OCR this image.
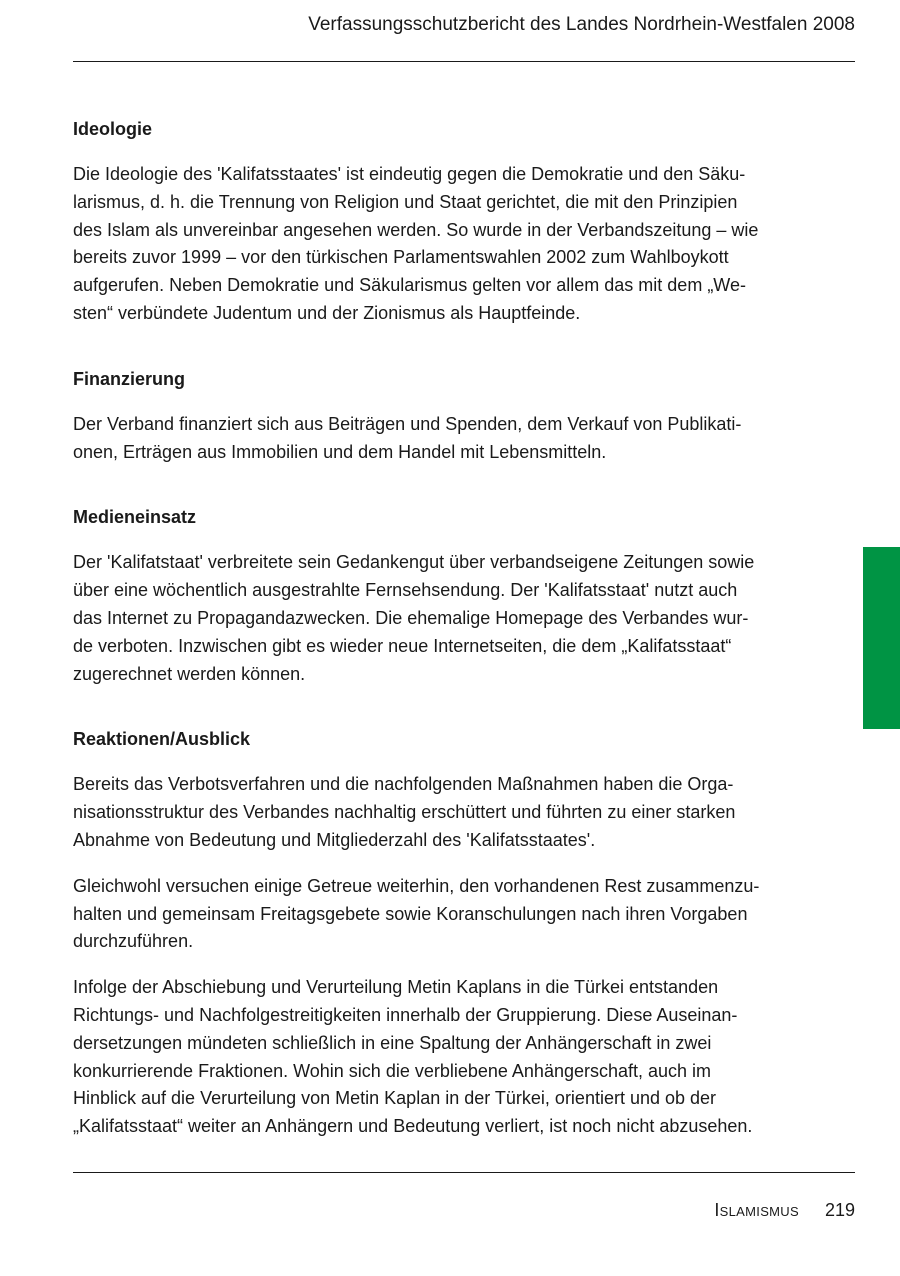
Verfassungsschutzbericht des Landes Nordrhein-Westfalen 2008
Ideologie

Die Ideologie des 'Kalifatsstaates' ist eindeutig gegen die Demokratie und den Säku-
larismus, d. h. die Trennung von Religion und Staat gerichtet, die mit den Prinzipien
des Islam als unvereinbar angesehen werden. So wurde in der Verbandszeitung – wie
bereits zuvor 1999 – vor den türkischen Parlamentswahlen 2002 zum Wahlboykott
aufgerufen. Neben Demokratie und Säkularismus gelten vor allem das mit dem „We-
sten“ verbündete Judentum und der Zionismus als Hauptfeinde.

Finanzierung

Der Verband finanziert sich aus Beiträgen und Spenden, dem Verkauf von Publikati-
onen, Erträgen aus Immobilien und dem Handel mit Lebensmitteln.

Medieneinsatz

Der 'Kalifatstaat' verbreitete sein Gedankengut über verbandseigene Zeitungen sowie
über eine wöchentlich ausgestrahlte Fernsehsendung. Der 'Kalifatsstaat' nutzt auch
das Internet zu Propagandazwecken. Die ehemalige Homepage des Verbandes wur-
de verboten. Inzwischen gibt es wieder neue Internetseiten, die dem „Kalifatsstaat“
zugerechnet werden können.

Reaktionen/Ausblick

Bereits das Verbotsverfahren und die nachfolgenden Maßnahmen haben die Orga-
nisationsstruktur des Verbandes nachhaltig erschüttert und führten zu einer starken
Abnahme von Bedeutung und Mitgliederzahl des 'Kalifatsstaates'.

Gleichwohl versuchen einige Getreue weiterhin, den vorhandenen Rest zusammenzu-
halten und gemeinsam Freitagsgebete sowie Koranschulungen nach ihren Vorgaben
durchzuführen.

Infolge der Abschiebung und Verurteilung Metin Kaplans in die Türkei entstanden
Richtungs- und Nachfolgestreitigkeiten innerhalb der Gruppierung. Diese Auseinan-
dersetzungen mündeten schließlich in eine Spaltung der Anhängerschaft in zwei
konkurrierende Fraktionen. Wohin sich die verbliebene Anhängerschaft, auch im
Hinblick auf die Verurteilung von Metin Kaplan in der Türkei, orientiert und ob der
„Kalifatsstaat“ weiter an Anhängern und Bedeutung verliert, ist noch nicht abzusehen.

Islamismus 219
